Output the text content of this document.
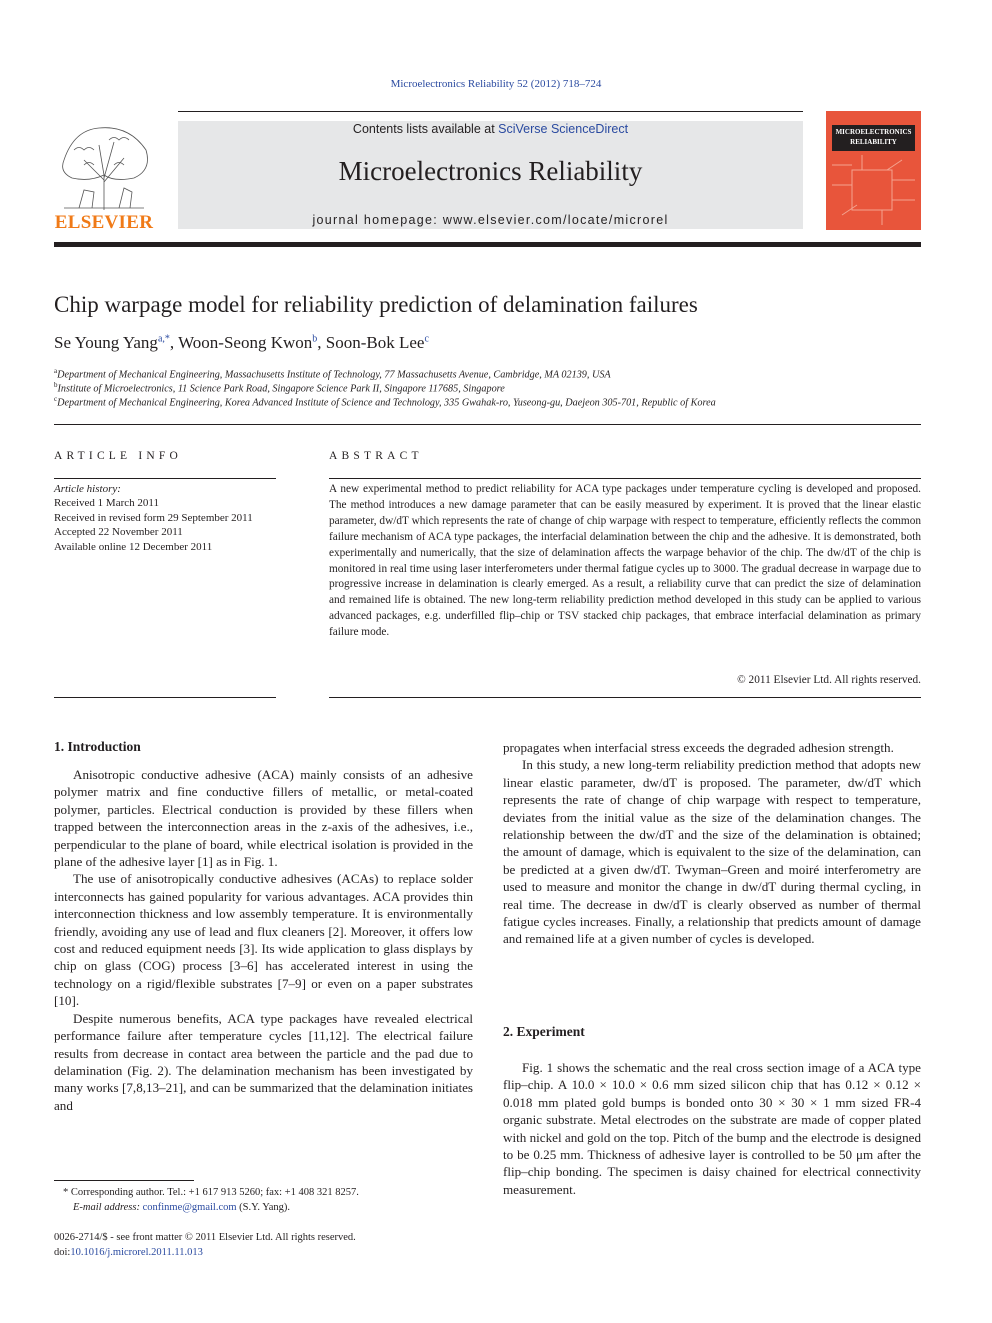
Microelectronics Reliability 52 (2012) 718–724
ELSEVIER
Contents lists available at SciVerse ScienceDirect
Microelectronics Reliability
journal homepage: www.elsevier.com/locate/microrel
MICROELECTRONICS RELIABILITY
Chip warpage model for reliability prediction of delamination failures
Se Young Yang$^{a,*}$, Woon-Seong Kwon$^b$, Soon-Bok Lee$^c$
$^a$Department of Mechanical Engineering, Massachusetts Institute of Technology, 77 Massachusetts Avenue, Cambridge, MA 02139, USA
$^b$Institute of Microelectronics, 11 Science Park Road, Singapore Science Park II, Singapore 117685, Singapore
$^c$Department of Mechanical Engineering, Korea Advanced Institute of Science and Technology, 335 Gwahak-ro, Yuseong-gu, Daejeon 305-701, Republic of Korea
ARTICLE INFO	ABSTRACT
Article history:
Received 1 March 2011
Received in revised form 29 September 2011
Accepted 22 November 2011
Available online 12 December 2011
A new experimental method to predict reliability for ACA type packages under temperature cycling is developed and proposed. The method introduces a new damage parameter that can be easily measured by experiment. It is proved that the linear elastic parameter, dw/dT which represents the rate of change of chip warpage with respect to temperature, efficiently reflects the common failure mechanism of ACA type packages, the interfacial delamination between the chip and the adhesive. It is demonstrated, both experimentally and numerically, that the size of delamination affects the warpage behavior of the chip. The dw/dT of the chip is monitored in real time using laser interferometers under thermal fatigue cycles up to 3000. The gradual decrease in warpage due to progressive increase in delamination is clearly emerged. As a result, a reliability curve that can predict the size of delamination and remained life is obtained. The new long-term reliability prediction method developed in this study can be applied to various advanced packages, e.g. underfilled flip–chip or TSV stacked chip packages, that embrace interfacial delamination as primary failure mode.
© 2011 Elsevier Ltd. All rights reserved.
1. Introduction

Anisotropic conductive adhesive (ACA) mainly consists of an adhesive polymer matrix and fine conductive fillers of metallic, or metal-coated polymer, particles. Electrical conduction is provided by these fillers when trapped between the interconnection areas in the z-axis of the adhesives, i.e., perpendicular to the plane of board, while electrical isolation is provided in the plane of the adhesive layer [1] as in Fig. 1.

The use of anisotropically conductive adhesives (ACAs) to replace solder interconnects has gained popularity for various advantages. ACA provides thin interconnection thickness and low assembly temperature. It is environmentally friendly, avoiding any use of lead and flux cleaners [2]. Moreover, it offers low cost and reduced equipment needs [3]. Its wide application to glass displays by chip on glass (COG) process [3–6] has accelerated interest in using the technology on a rigid/flexible substrates [7–9] or even on a paper substrates [10].

Despite numerous benefits, ACA type packages have revealed electrical performance failure after temperature cycles [11,12]. The electrical failure results from decrease in contact area between the particle and the pad due to delamination (Fig. 2). The delamination mechanism has been investigated by many works [7,8,13–21], and can be summarized that the delamination initiates and

propagates when interfacial stress exceeds the degraded adhesion strength.

In this study, a new long-term reliability prediction method that adopts new linear elastic parameter, dw/dT is proposed. The parameter, dw/dT which represents the rate of change of chip warpage with respect to temperature, deviates from the initial value as the size of the delamination changes. The relationship between the dw/dT and the size of the delamination is obtained; the amount of damage, which is equivalent to the size of the delamination, can be predicted at a given dw/dT. Twyman–Green and moiré interferometry are used to measure and monitor the change in dw/dT during thermal cycling, in real time. The decrease in dw/dT is clearly observed as number of thermal fatigue cycles increases. Finally, a relationship that predicts amount of damage and remained life at a given number of cycles is developed.

2. Experiment

Fig. 1 shows the schematic and the real cross section image of a ACA type flip–chip. A 10.0 × 10.0 × 0.6 mm sized silicon chip that has 0.12 × 0.12 × 0.018 mm plated gold bumps is bonded onto 30 × 30 × 1 mm sized FR-4 organic substrate. Metal electrodes on the substrate are made of copper plated with nickel and gold on the top. Pitch of the bump and the electrode is designed to be 0.25 mm. Thickness of adhesive layer is controlled to be 50 μm after the flip–chip bonding. The specimen is daisy chained for electrical connectivity measurement.

* Corresponding author. Tel.: +1 617 913 5260; fax: +1 408 321 8257.
E-mail address: confinme@gmail.com (S.Y. Yang).
0026-2714/$ - see front matter © 2011 Elsevier Ltd. All rights reserved.
doi:10.1016/j.microrel.2011.11.013
